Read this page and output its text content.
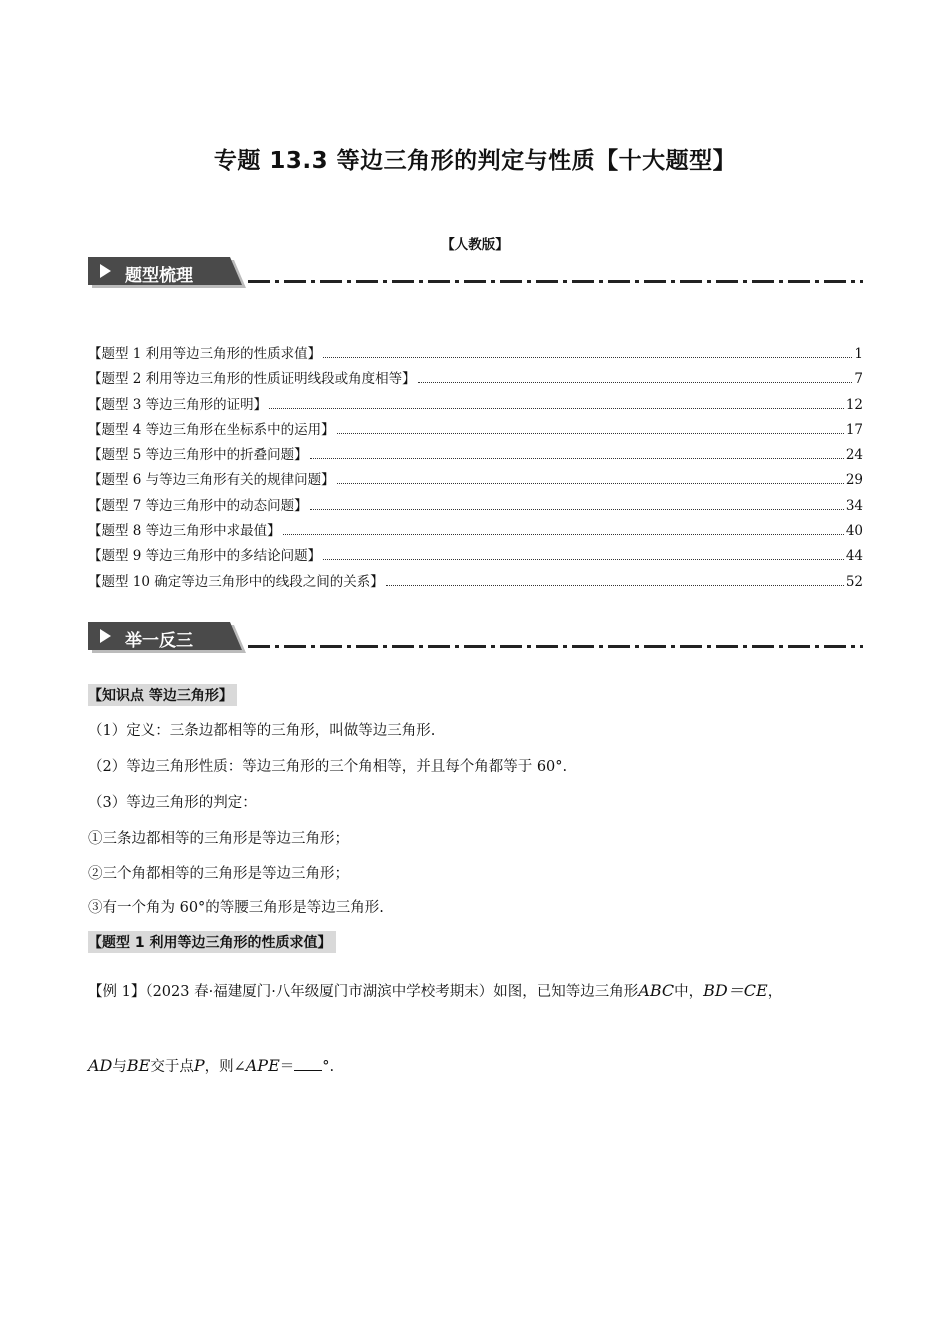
专题 13.3 等边三角形的判定与性质【十大题型】
【人教版】
题型梳理
【题型 1 利用等边三角形的性质求值】	1
【题型 2 利用等边三角形的性质证明线段或角度相等】	7
【题型 3 等边三角形的证明】	12
【题型 4 等边三角形在坐标系中的运用】	17
【题型 5 等边三角形中的折叠问题】	24
【题型 6 与等边三角形有关的规律问题】	29
【题型 7 等边三角形中的动态问题】	34
【题型 8 等边三角形中求最值】	40
【题型 9 等边三角形中的多结论问题】	44
【题型 10 确定等边三角形中的线段之间的关系】	52
举一反三
【知识点 等边三角形】
（1）定义：三条边都相等的三角形，叫做等边三角形.
（2）等边三角形性质：等边三角形的三个角相等，并且每个角都等于 60°.
（3）等边三角形的判定：
①三条边都相等的三角形是等边三角形；
②三个角都相等的三角形是等边三角形；
③有一个角为 60°的等腰三角形是等边三角形.
【题型 1 利用等边三角形的性质求值】
【例 1】（2023 春·福建厦门·八年级厦门市湖滨中学校考期末）如图，已知等边三角形ABC中，BD＝CE，
AD与BE交于点P，则∠APE＝ °.
